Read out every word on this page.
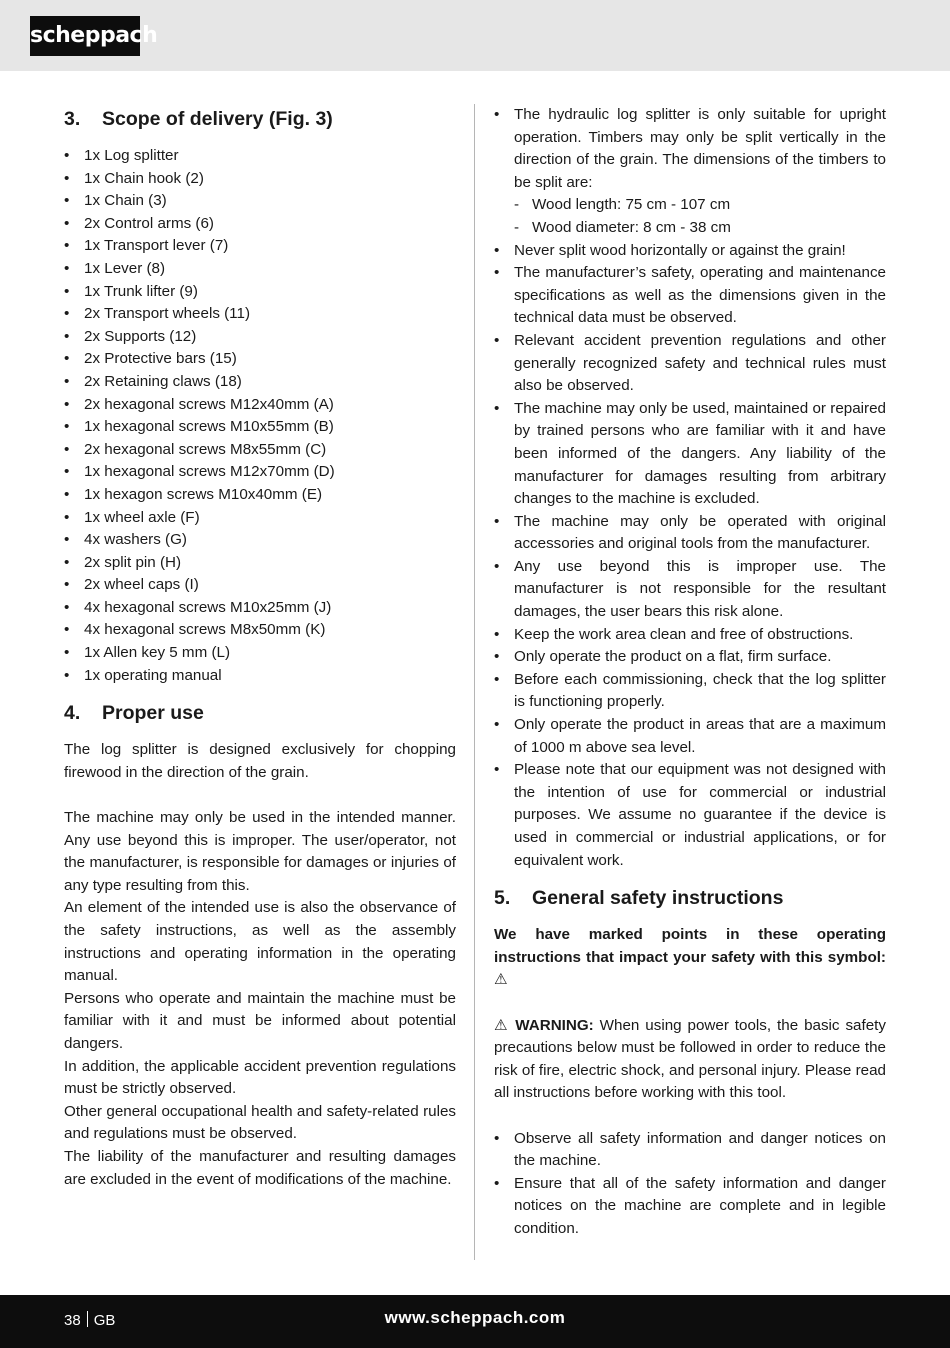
scheppach
3.	Scope of delivery (Fig. 3)
• 1x Log splitter
• 1x Chain hook (2)
• 1x Chain (3)
• 2x Control arms (6)
• 1x Transport lever (7)
• 1x Lever (8)
• 1x Trunk lifter (9)
• 2x Transport wheels (11)
• 2x Supports (12)
• 2x Protective bars (15)
• 2x Retaining claws (18)
• 2x hexagonal screws M12x40mm (A)
• 1x hexagonal screws M10x55mm (B)
• 2x hexagonal screws M8x55mm (C)
• 1x hexagonal screws M12x70mm (D)
• 1x hexagon screws M10x40mm (E)
• 1x wheel axle (F)
• 4x washers (G)
• 2x split pin (H)
• 2x wheel caps (I)
• 4x hexagonal screws M10x25mm (J)
• 4x hexagonal screws M8x50mm (K)
• 1x Allen key 5 mm (L)
• 1x operating manual
4.	Proper use

The log splitter is designed exclusively for chopping firewood in the direction of the grain.

The machine may only be used in the intended manner. Any use beyond this is improper. The user/operator, not the manufacturer, is responsible for damages or injuries of any type resulting from this.

An element of the intended use is also the observance of the safety instructions, as well as the assembly instructions and operating information in the operating manual.

Persons who operate and maintain the machine must be familiar with it and must be informed about potential dangers.

In addition, the applicable accident prevention regulations must be strictly observed.

Other general occupational health and safety-related rules and regulations must be observed.

The liability of the manufacturer and resulting damages are excluded in the event of modifications of the machine.

• The hydraulic log splitter is only suitable for upright operation. Timbers may only be split vertically in the direction of the grain. The dimensions of the timbers to be split are:
- Wood length: 75 cm - 107 cm
- Wood diameter: 8 cm - 38 cm
• Never split wood horizontally or against the grain!
• The manufacturer’s safety, operating and maintenance specifications as well as the dimensions given in the technical data must be observed.
• Relevant accident prevention regulations and other generally recognized safety and technical rules must also be observed.
• The machine may only be used, maintained or repaired by trained persons who are familiar with it and have been informed of the dangers. Any liability of the manufacturer for damages resulting from arbitrary changes to the machine is excluded.
• The machine may only be operated with original accessories and original tools from the manufacturer.
• Any use beyond this is improper use. The manufacturer is not responsible for the resultant damages, the user bears this risk alone.
• Keep the work area clean and free of obstructions.
• Only operate the product on a flat, firm surface.
• Before each commissioning, check that the log splitter is functioning properly.
• Only operate the product in areas that are a maximum of 1000 m above sea level.
• Please note that our equipment was not designed with the intention of use for commercial or industrial purposes. We assume no guarantee if the device is used in commercial or industrial applications, or for equivalent work.
5.	General safety instructions

We have marked points in these operating instructions that impact your safety with this symbol: ⚠

⚠ WARNING: When using power tools, the basic safety precautions below must be followed in order to reduce the risk of fire, electric shock, and personal injury. Please read all instructions before working with this tool.

• Observe all safety information and danger notices on the machine.
• Ensure that all of the safety information and danger notices on the machine are complete and in legible condition.
38 GB	www.scheppach.com
